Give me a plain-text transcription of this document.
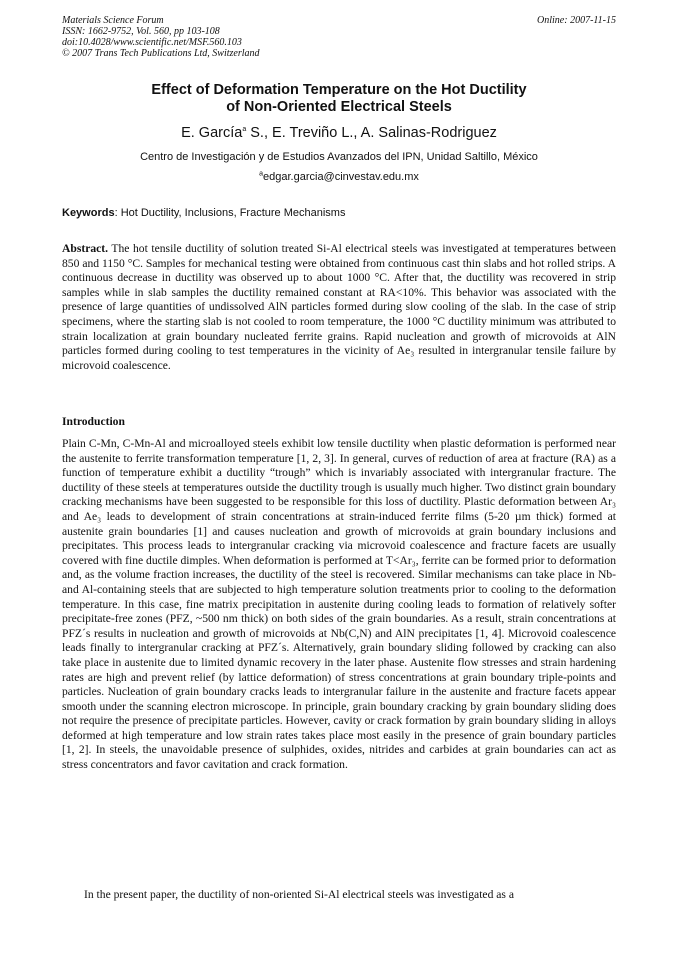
Materials Science Forum
ISSN: 1662-9752, Vol. 560, pp 103-108
doi:10.4028/www.scientific.net/MSF.560.103
© 2007 Trans Tech Publications Ltd, Switzerland
Online: 2007-11-15
Effect of Deformation Temperature on the Hot Ductility
of Non-Oriented Electrical Steels
E. García$^a$ S., E. Treviño L., A. Salinas-Rodriguez
Centro de Investigación y de Estudios Avanzados del IPN, Unidad Saltillo, México
$^a$edgar.garcia@cinvestav.edu.mx
Keywords: Hot Ductility, Inclusions, Fracture Mechanisms
Abstract. The hot tensile ductility of solution treated Si-Al electrical steels was investigated at temperatures between 850 and 1150 °C. Samples for mechanical testing were obtained from continuous cast thin slabs and hot rolled strips. A continuous decrease in ductility was observed up to about 1000 °C. After that, the ductility was recovered in strip samples while in slab samples the ductility remained constant at RA<10%. This behavior was associated with the presence of large quantities of undissolved AlN particles formed during slow cooling of the slab. In the case of strip specimens, where the starting slab is not cooled to room temperature, the 1000 °C ductility minimum was attributed to strain localization at grain boundary nucleated ferrite grains. Rapid nucleation and growth of microvoids at AlN particles formed during cooling to test temperatures in the vicinity of Ae₃ resulted in intergranular tensile failure by microvoid coalescence.
Introduction
Plain C-Mn, C-Mn-Al and microalloyed steels exhibit low tensile ductility when plastic deformation is performed near the austenite to ferrite transformation temperature [1, 2, 3]. In general, curves of reduction of area at fracture (RA) as a function of temperature exhibit a ductility “trough” which is invariably associated with intergranular fracture. The ductility of these steels at temperatures outside the ductility trough is usually much higher. Two distinct grain boundary cracking mechanisms have been suggested to be responsible for this loss of ductility. Plastic deformation between Ar₃ and Ae₃ leads to development of strain concentrations at strain-induced ferrite films (5-20 µm thick) formed at austenite grain boundaries [1] and causes nucleation and growth of microvoids at grain boundary inclusions and precipitates. This process leads to intergranular cracking via microvoid coalescence and fracture facets are usually covered with fine ductile dimples. When deformation is performed at T<Ar₃, ferrite can be formed prior to deformation and, as the volume fraction increases, the ductility of the steel is recovered. Similar mechanisms can take place in Nb- and Al-containing steels that are subjected to high temperature solution treatments prior to cooling to the deformation temperature. In this case, fine matrix precipitation in austenite during cooling leads to formation of relatively softer precipitate-free zones (PFZ, ~500 nm thick) on both sides of the grain boundaries. As a result, strain concentrations at PFZ´s results in nucleation and growth of microvoids at Nb(C,N) and AlN precipitates [1, 4]. Microvoid coalescence leads finally to intergranular cracking at PFZ´s. Alternatively, grain boundary sliding followed by cracking can also take place in austenite due to limited dynamic recovery in the later phase. Austenite flow stresses and strain hardening rates are high and prevent relief (by lattice deformation) of stress concentrations at grain boundary triple-points and particles. Nucleation of grain boundary cracks leads to intergranular failure in the austenite and fracture facets appear smooth under the scanning electron microscope. In principle, grain boundary cracking by grain boundary sliding does not require the presence of precipitate particles. However, cavity or crack formation by grain boundary sliding in alloys deformed at high temperature and low strain rates takes place most easily in the presence of grain boundary particles [1, 2]. In steels, the unavoidable presence of sulphides, oxides, nitrides and carbides at grain boundaries can act as stress concentrators and favor cavitation and crack formation.
In the present paper, the ductility of non-oriented Si-Al electrical steels was investigated as a
